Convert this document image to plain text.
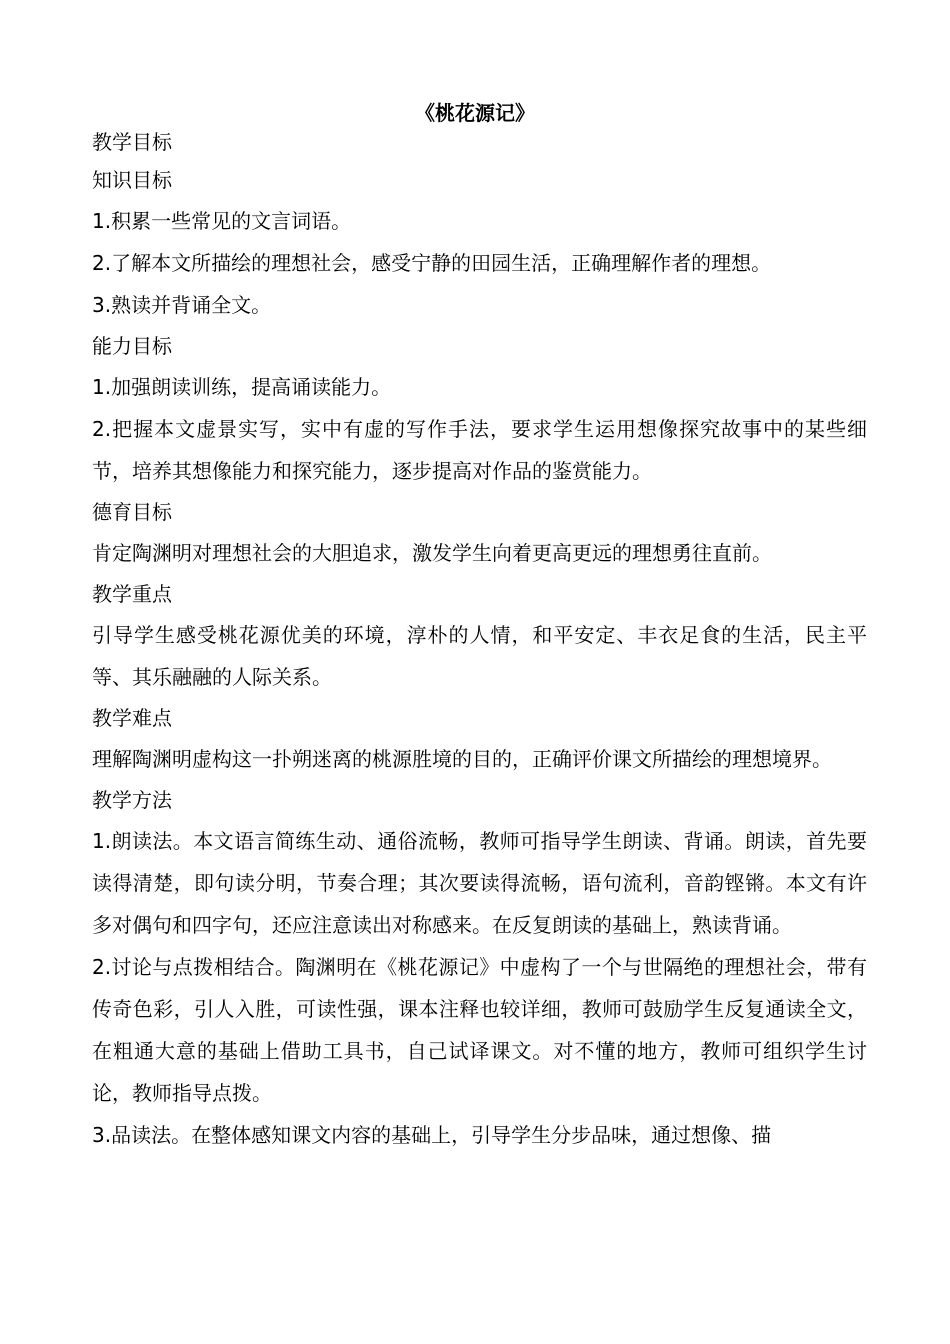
《桃花源记》
教学目标
知识目标

1.积累一些常见的文言词语。

2.了解本文所描绘的理想社会，感受宁静的田园生活，正确理解作者的理想。

3.熟读并背诵全文。

能力目标

1.加强朗读训练，提高诵读能力。

2.把握本文虚景实写，实中有虚的写作手法，要求学生运用想像探究故事中的某些细节，培养其想像能力和探究能力，逐步提高对作品的鉴赏能力。

德育目标

肯定陶渊明对理想社会的大胆追求，激发学生向着更高更远的理想勇往直前。

教学重点

引导学生感受桃花源优美的环境，淳朴的人情，和平安定、丰衣足食的生活，民主平等、其乐融融的人际关系。

教学难点

理解陶渊明虚构这一扑朔迷离的桃源胜境的目的，正确评价课文所描绘的理想境界。

教学方法

1.朗读法。本文语言简练生动、通俗流畅，教师可指导学生朗读、背诵。朗读，首先要读得清楚，即句读分明，节奏合理；其次要读得流畅，语句流利，音韵铿锵。本文有许多对偶句和四字句，还应注意读出对称感来。在反复朗读的基础上，熟读背诵。

2.讨论与点拨相结合。陶渊明在《桃花源记》中虚构了一个与世隔绝的理想社会，带有传奇色彩，引人入胜，可读性强，课本注释也较详细，教师可鼓励学生反复通读全文，在粗通大意的基础上借助工具书，自己试译课文。对不懂的地方，教师可组织学生讨论，教师指导点拨。

3.品读法。在整体感知课文内容的基础上，引导学生分步品味，通过想像、描
